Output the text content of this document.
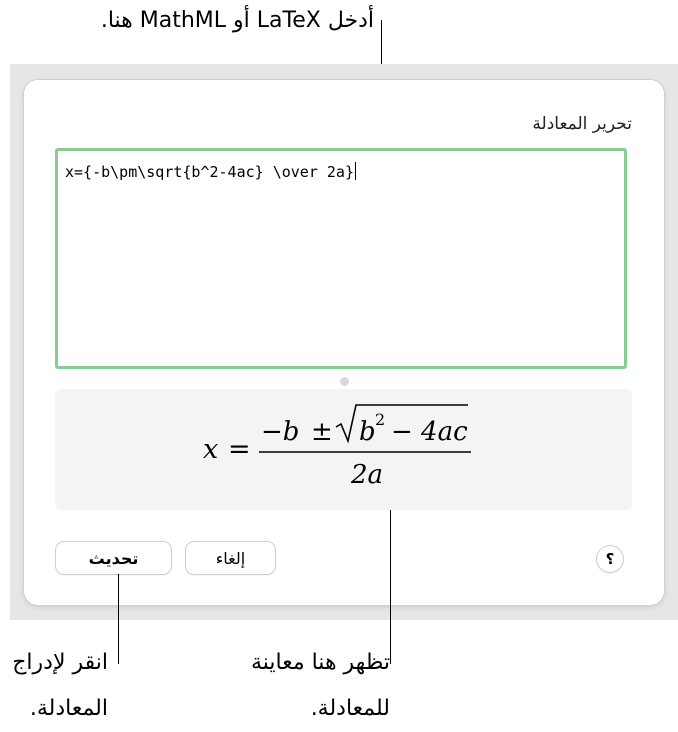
أدخل LaTeX أو MathML هنا.
تحرير المعادلة
x={-b\pm\sqrt{b^2-4ac} \over 2a}
x =
−b ± b 2 − 4ac
2a
تحديث	إلغاء	؟
تظهر هنا معاينة
للمعادلة.
انقر لإدراج
المعادلة.
